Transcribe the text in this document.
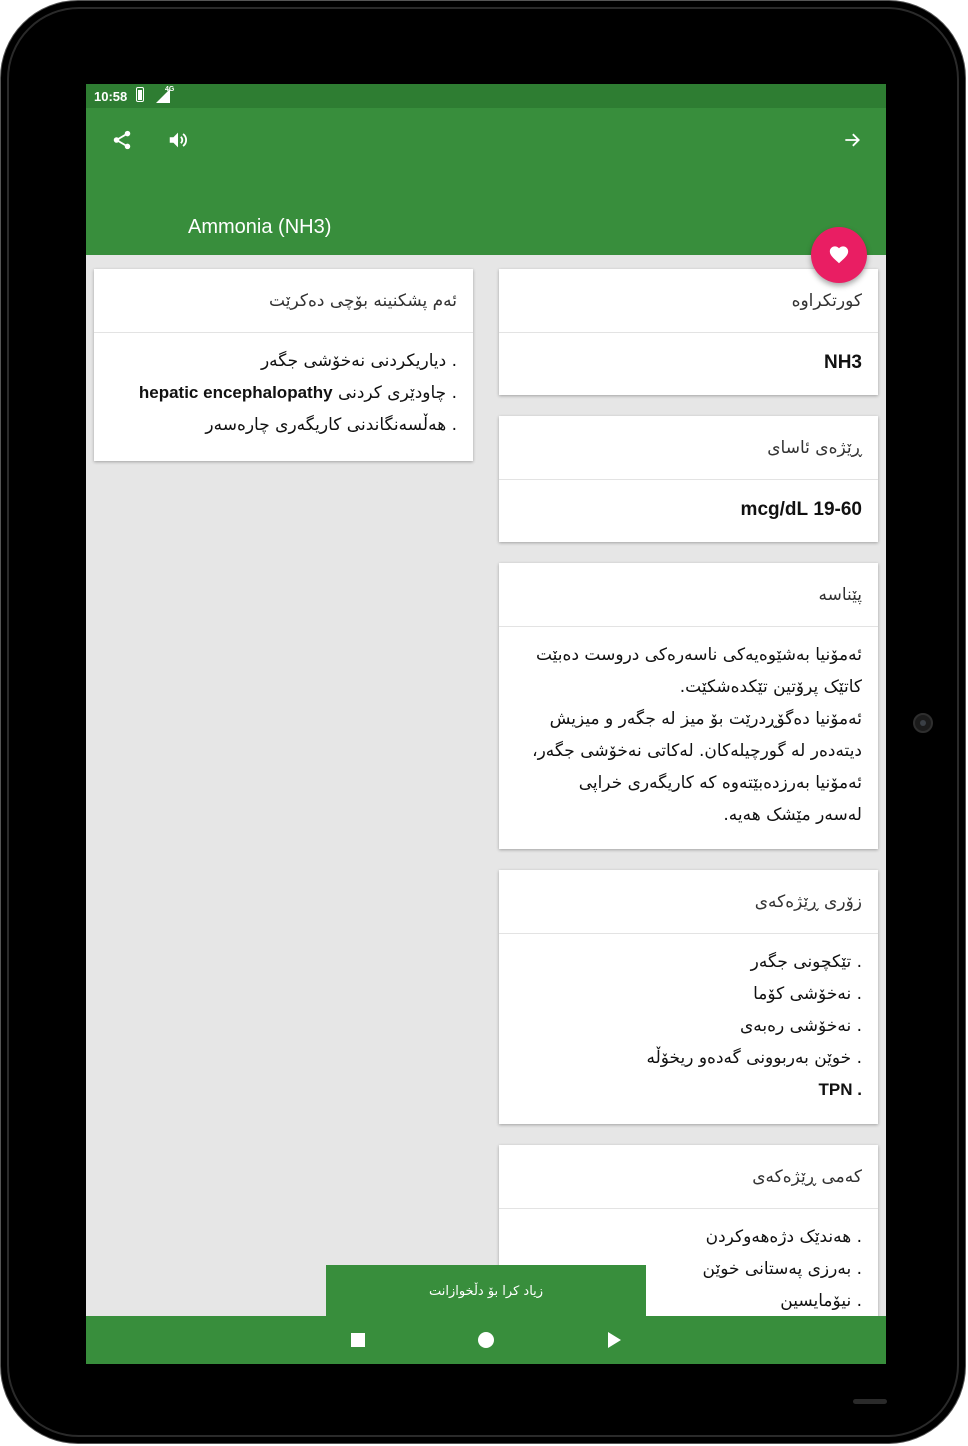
10:58	4G
Ammonia (NH3)
ئەم پشکنینە بۆچی دەکرێت
. دیاریکردنی نەخۆشی جگەر
. چاودێری کردنی hepatic encephalopathy
. هەڵسەنگاندنی کاریگەری چارەسەر
کورتکراوە
NH3
ڕێژەی ئاسای
19-60 mcg/dL
پێناسە
ئەمۆنیا بەشێوەیەکی ناسەرەکی دروست دەبێت
کاتێک پرۆتین تێکدەشکێت.
ئەمۆنیا دەگۆڕدرێت بۆ میز لە جگەر و میزیش
دیتەدەر لە گورچیلەکان. لەکاتی نەخۆشی جگەر،
ئەمۆنیا بەرزدەبێتەوە کە کاریگەری خراپی
لەسەر مێشک هەیە.
زۆری ڕێژەکەی
. تێکچونی جگەر
. نەخۆشی کۆما
. نەخۆشی رەبەی
. خوێن بەربوونی گەدەو ریخۆڵە
. TPN
کەمی ڕێژەکەی
. هەندێک دژەهەوکردن
. بەرزی پەستانی خوێن
. نیۆمایسین
زیاد کرا بۆ دڵخوازانت
